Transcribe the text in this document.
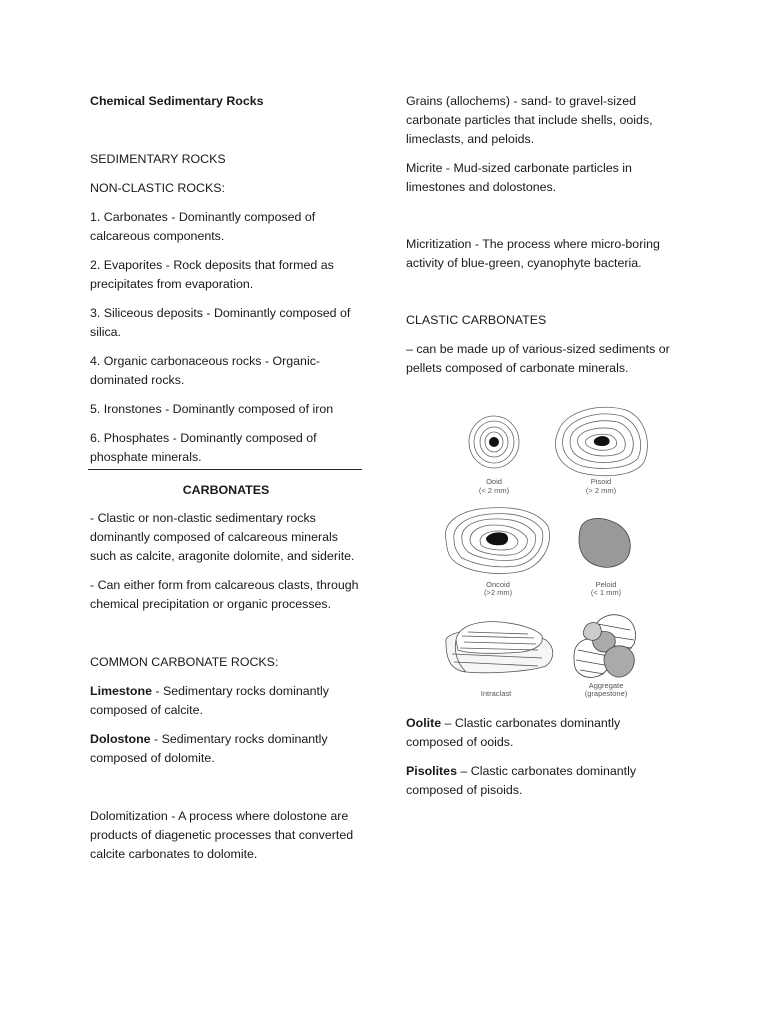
Chemical Sedimentary Rocks

SEDIMENTARY ROCKS

NON-CLASTIC ROCKS:

1. Carbonates - Dominantly composed of calcareous components.

2. Evaporites - Rock deposits that formed as precipitates from evaporation.

3. Siliceous deposits - Dominantly composed of silica.

4. Organic carbonaceous rocks - Organic-dominated rocks.

5. Ironstones - Dominantly composed of iron

6. Phosphates - Dominantly composed of phosphate minerals.

CARBONATES

- Clastic or non-clastic sedimentary rocks dominantly composed of calcareous minerals such as calcite, aragonite dolomite, and siderite.

- Can either form from calcareous clasts, through chemical precipitation or organic processes.

COMMON CARBONATE ROCKS:

Limestone - Sedimentary rocks dominantly composed of calcite.

Dolostone - Sedimentary rocks dominantly composed of dolomite.

Dolomitization - A process where dolostone are products of diagenetic processes that converted calcite carbonates to dolomite.

Grains (allochems) - sand- to gravel-sized carbonate particles that include shells, ooids, limeclasts, and peloids.

Micrite - Mud-sized carbonate particles in limestones and dolostones.

Micritization - The process where micro-boring activity of blue-green, cyanophyte bacteria.

CLASTIC CARBONATES

– can be made up of various-sized sediments or pellets composed of carbonate minerals.

Ooid
(< 2 mm)
Pisoid
(> 2 mm)
Oncoid
(>2 mm)
Peloid
(< 1 mm)
Intraclast
Aggregate
(grapestone)

Oolite – Clastic carbonates dominantly composed of ooids.

Pisolites – Clastic carbonates dominantly composed of pisoids.
